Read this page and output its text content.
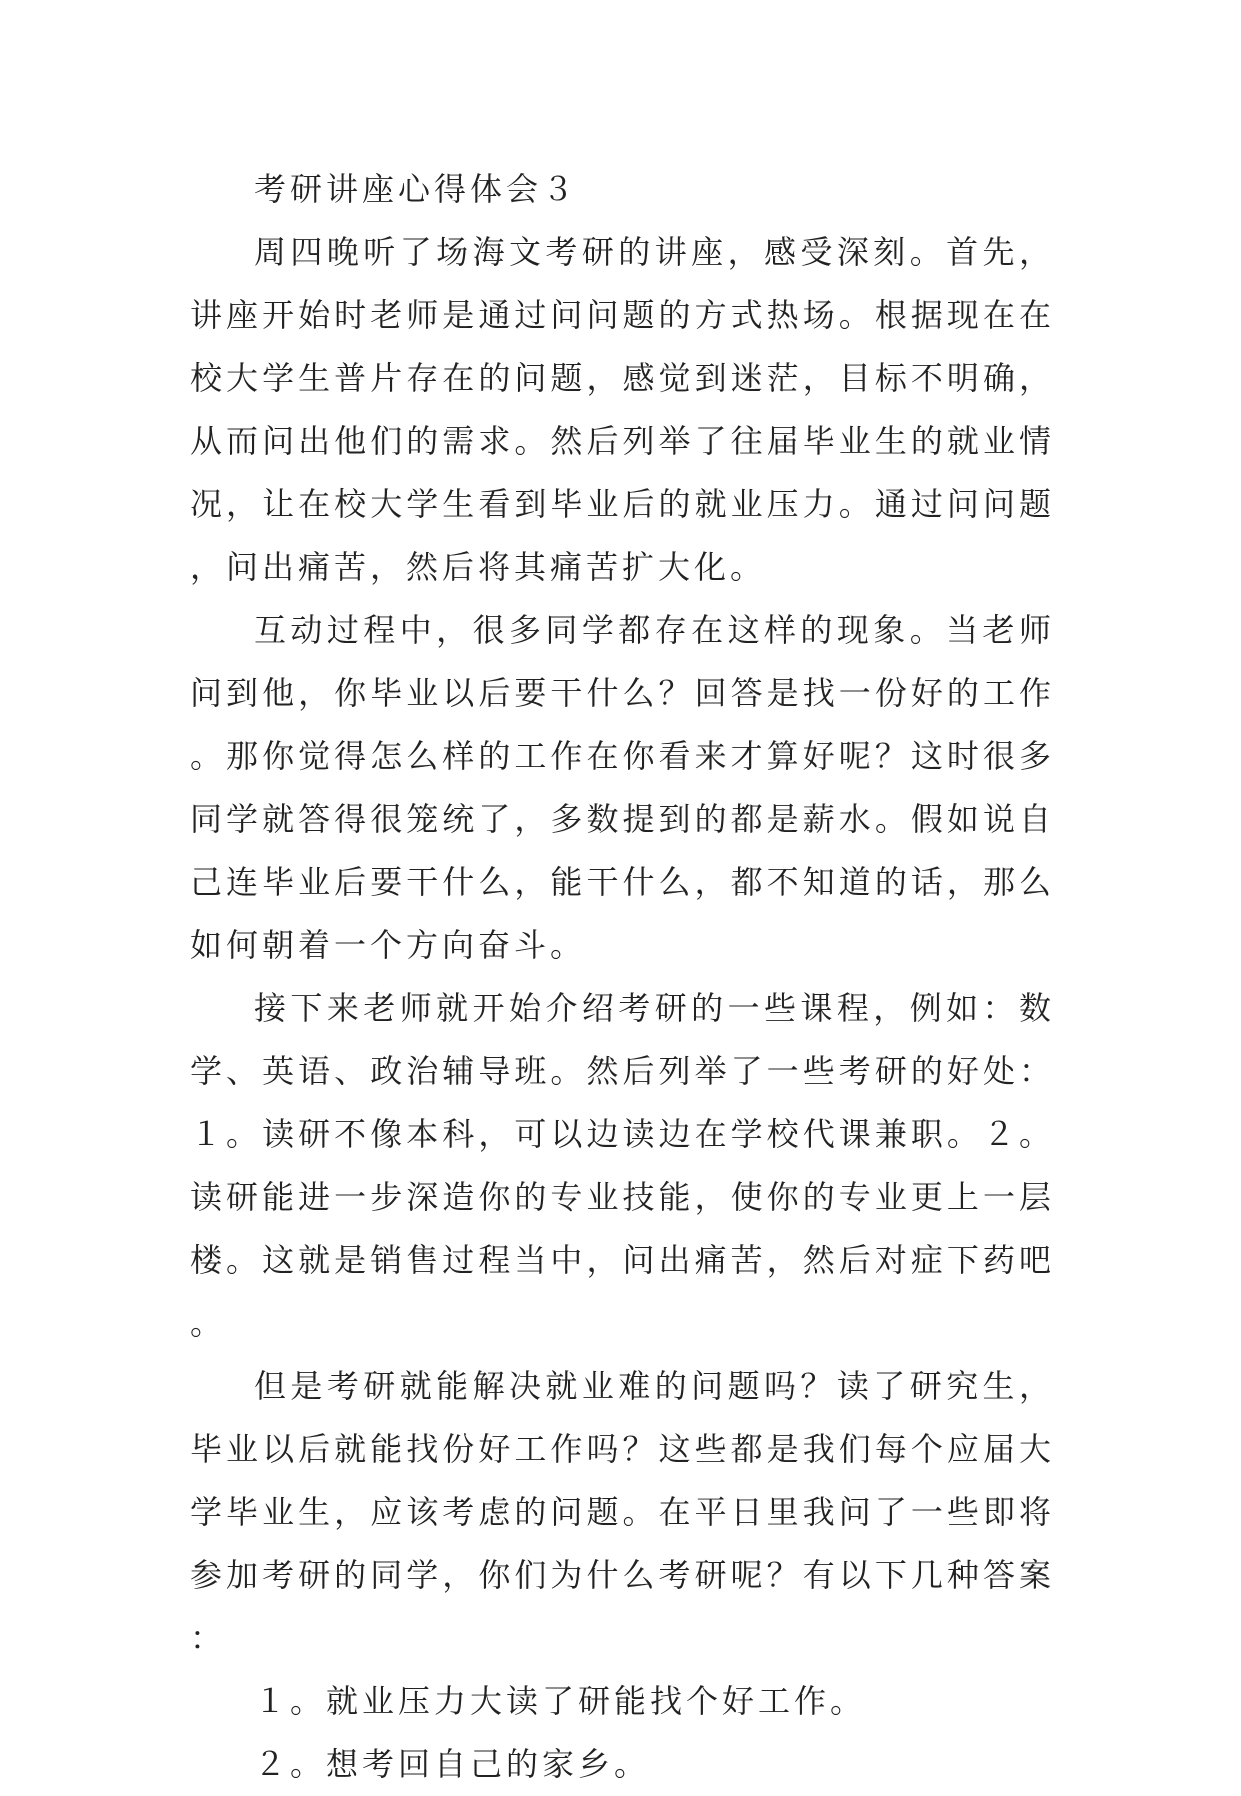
考研讲座心得体会３

周四晚听了场海文考研的讲座，感受深刻。首先，讲座开始时老师是通过问问题的方式热场。根据现在在校大学生普片存在的问题，感觉到迷茫，目标不明确，从而问出他们的需求。然后列举了往届毕业生的就业情况，让在校大学生看到毕业后的就业压力。通过问问题，问出痛苦，然后将其痛苦扩大化。

互动过程中，很多同学都存在这样的现象。当老师问到他，你毕业以后要干什么？回答是找一份好的工作。那你觉得怎么样的工作在你看来才算好呢？这时很多同学就答得很笼统了，多数提到的都是薪水。假如说自己连毕业后要干什么，能干什么，都不知道的话，那么如何朝着一个方向奋斗。

接下来老师就开始介绍考研的一些课程，例如：数学、英语、政治辅导班。然后列举了一些考研的好处：１。读研不像本科，可以边读边在学校代课兼职。２。读研能进一步深造你的专业技能，使你的专业更上一层楼。这就是销售过程当中，问出痛苦，然后对症下药吧。

但是考研就能解决就业难的问题吗？读了研究生，毕业以后就能找份好工作吗？这些都是我们每个应届大学毕业生，应该考虑的问题。在平日里我问了一些即将参加考研的同学，你们为什么考研呢？有以下几种答案：

１。就业压力大读了研能找个好工作。

２。想考回自己的家乡。
